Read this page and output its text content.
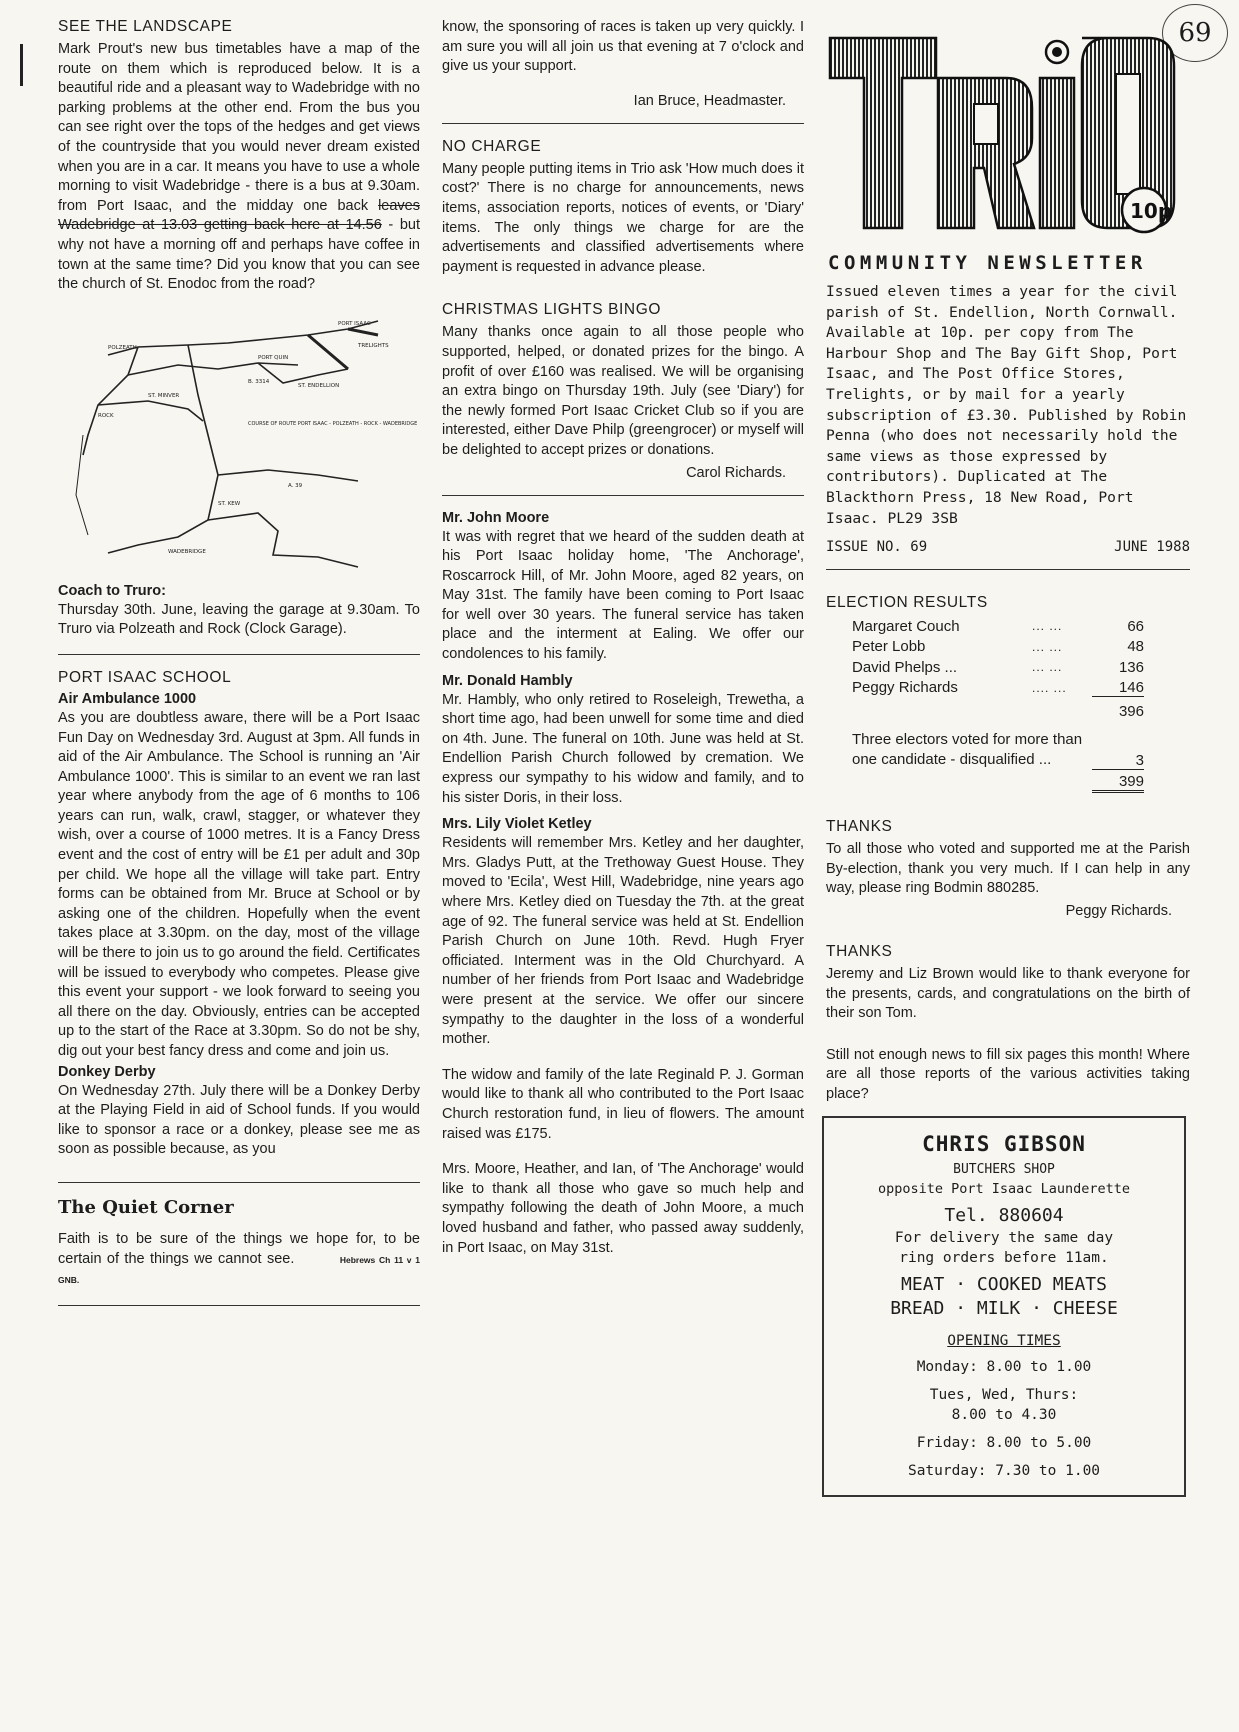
69
SEE THE LANDSCAPE

Mark Prout's new bus timetables have a map of the route on them which is reproduced below. It is a beautiful ride and a pleasant way to Wadebridge with no parking problems at the other end. From the bus you can see right over the tops of the hedges and get views of the countryside that you would never dream existed when you are in a car. It means you have to use a whole morning to visit Wadebridge - there is a bus at 9.30am. from Port Isaac, and the midday one back leaves Wadebridge at 13.03 getting back here at 14.56 - but why not have a morning off and perhaps have coffee in town at the same time? Did you know that you can see the church of St. Enodoc from the road?

PORT ISAAC
TRELIGHTS
ROCK
POLZEATH
WADEBRIDGE
ST. MINVER
PORT QUIN
ST. ENDELLION
ST. KEW
B. 3314
A. 39
COURSE OF ROUTE PORT ISAAC - POLZEATH - ROCK - WADEBRIDGE
Coach to Truro:

Thursday 30th. June, leaving the garage at 9.30am. To Truro via Polzeath and Rock (Clock Garage).

PORT ISAAC SCHOOL
Air Ambulance 1000

As you are doubtless aware, there will be a Port Isaac Fun Day on Wednesday 3rd. August at 3pm. All funds in aid of the Air Ambulance. The School is running an 'Air Ambulance 1000'. This is similar to an event we ran last year where anybody from the age of 6 months to 106 years can run, walk, crawl, stagger, or whatever they wish, over a course of 1000 metres. It is a Fancy Dress event and the cost of entry will be £1 per adult and 30p per child. We hope all the village will take part. Entry forms can be obtained from Mr. Bruce at School or by asking one of the children. Hopefully when the event takes place at 3.30pm. on the day, most of the village will be there to join us to go around the field. Certificates will be issued to everybody who competes. Please give this event your support - we look forward to seeing you all there on the day. Obviously, entries can be accepted up to the start of the Race at 3.30pm. So do not be shy, dig out your best fancy dress and come and join us.

Donkey Derby

On Wednesday 27th. July there will be a Donkey Derby at the Playing Field in aid of School funds. If you would like to sponsor a race or a donkey, please see me as soon as possible because, as you

The Quiet Corner

Faith is to be sure of the things we hope for, to be certain of the things we cannot see.	Hebrews Ch 11 v 1 GNB.

know, the sponsoring of races is taken up very quickly. I am sure you will all join us that evening at 7 o'clock and give us your support.

Ian Bruce, Headmaster.
NO CHARGE

Many people putting items in Trio ask 'How much does it cost?' There is no charge for announcements, news items, association reports, notices of events, or 'Diary' items. The only things we charge for are the advertisements and classified advertisements where payment is requested in advance please.

CHRISTMAS LIGHTS BINGO

Many thanks once again to all those people who supported, helped, or donated prizes for the bingo. A profit of over £160 was realised. We will be organising an extra bingo on Thursday 19th. July (see 'Diary') for the newly formed Port Isaac Cricket Club so if you are interested, either Dave Philp (greengrocer) or myself will be delighted to accept prizes or donations.

Carol Richards.
Mr. John Moore

It was with regret that we heard of the sudden death at his Port Isaac holiday home, 'The Anchorage', Roscarrock Hill, of Mr. John Moore, aged 82 years, on May 31st. The family have been coming to Port Isaac for well over 30 years. The funeral service has taken place and the interment at Ealing. We offer our condolences to his family.

Mr. Donald Hambly

Mr. Hambly, who only retired to Roseleigh, Trewetha, a short time ago, had been unwell for some time and died on 4th. June. The funeral on 10th. June was held at St. Endellion Parish Church followed by cremation. We express our sympathy to his widow and family, and to his sister Doris, in their loss.

Mrs. Lily Violet Ketley

Residents will remember Mrs. Ketley and her daughter, Mrs. Gladys Putt, at the Trethoway Guest House. They moved to 'Ecila', West Hill, Wadebridge, nine years ago where Mrs. Ketley died on Tuesday the 7th. at the great age of 92. The funeral service was held at St. Endellion Parish Church on June 10th. Revd. Hugh Fryer officiated. Interment was in the Old Churchyard. A number of her friends from Port Isaac and Wadebridge were present at the service. We offer our sincere sympathy to the daughter in the loss of a wonderful mother.

The widow and family of the late Reginald P. J. Gorman would like to thank all who contributed to the Port Isaac Church restoration fund, in lieu of flowers. The amount raised was £175.

Mrs. Moore, Heather, and Ian, of 'The Anchorage' would like to thank all those who gave so much help and sympathy following the death of John Moore, a much loved husband and father, who passed away suddenly, in Port Isaac, on May 31st.

10p
COMMUNITY NEWSLETTER

Issued eleven times a year for the civil parish of St. Endellion, North Cornwall. Available at 10p. per copy from The Harbour Shop and The Bay Gift Shop, Port Isaac, and The Post Office Stores, Trelights, or by mail for a yearly subscription of £3.30. Published by Robin Penna (who does not necessarily hold the same views as those expressed by contributors). Duplicated at The Blackthorn Press, 18 New Road, Port Isaac. PL29 3SB

ISSUE NO. 69	JUNE 1988
ELECTION RESULTS
Margaret Couch	... ...	66
Peter Lobb	... ...	48
David Phelps ...	... ...	136
Peggy Richards	.... ...	146
396
Three electors voted for more than one candidate - disqualified ...	3
399
THANKS

To all those who voted and supported me at the Parish By-election, thank you very much. If I can help in any way, please ring Bodmin 880285.

Peggy Richards.
THANKS

Jeremy and Liz Brown would like to thank everyone for the presents, cards, and congratulations on the birth of their son Tom.

Still not enough news to fill six pages this month! Where are all those reports of the various activities taking place?

CHRIS GIBSON
BUTCHERS SHOP
opposite Port Isaac Launderette
Tel. 880604
For delivery the same day
ring orders before 11am.
MEAT · COOKED MEATS
BREAD · MILK · CHEESE
OPENING TIMES
Monday: 8.00 to 1.00
Tues, Wed, Thurs:
8.00 to 4.30
Friday: 8.00 to 5.00
Saturday: 7.30 to 1.00
